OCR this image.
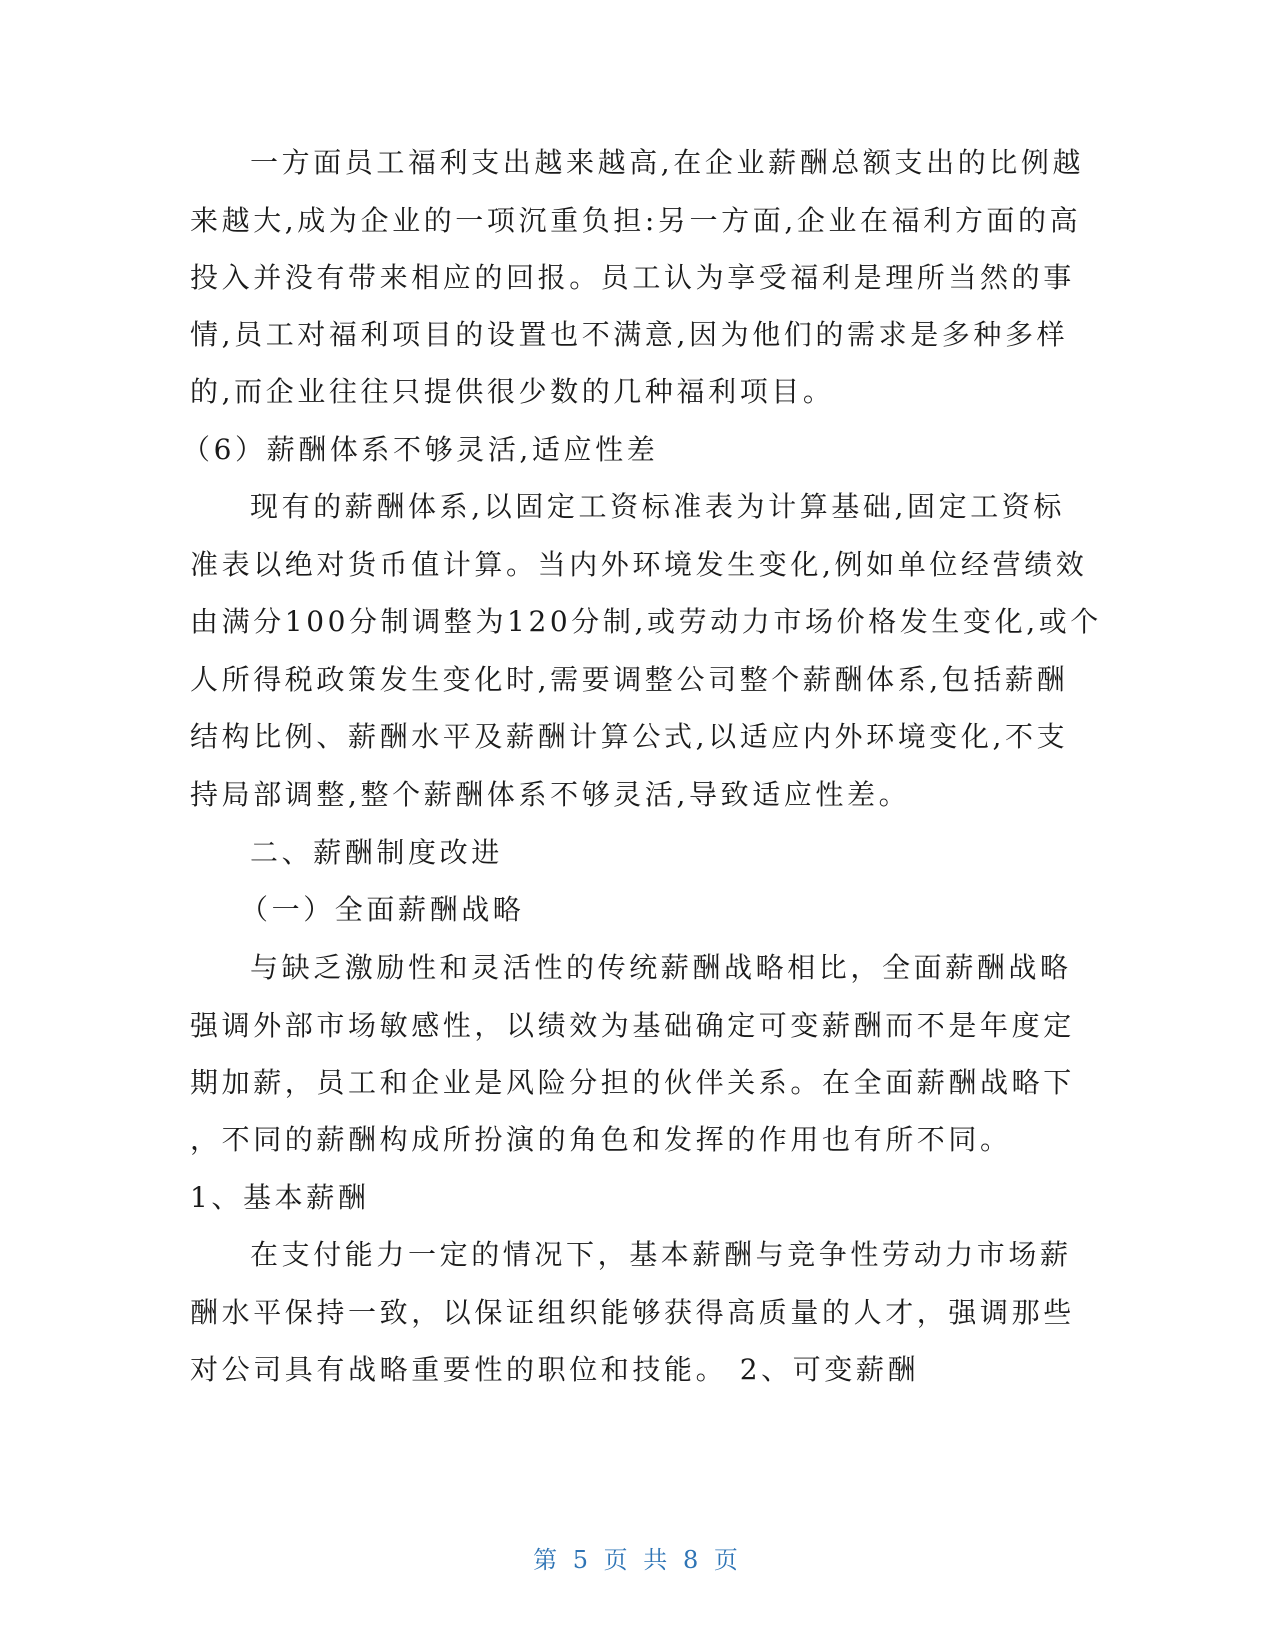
一方面员工福利支出越来越高,在企业薪酬总额支出的比例越
来越大,成为企业的一项沉重负担:另一方面,企业在福利方面的高
投入并没有带来相应的回报。员工认为享受福利是理所当然的事
情,员工对福利项目的设置也不满意,因为他们的需求是多种多样
的,而企业往往只提供很少数的几种福利项目。
（6）薪酬体系不够灵活,适应性差
现有的薪酬体系,以固定工资标准表为计算基础,固定工资标
准表以绝对货币值计算。当内外环境发生变化,例如单位经营绩效
由满分100分制调整为120分制,或劳动力市场价格发生变化,或个
人所得税政策发生变化时,需要调整公司整个薪酬体系,包括薪酬
结构比例、薪酬水平及薪酬计算公式,以适应内外环境变化,不支
持局部调整,整个薪酬体系不够灵活,导致适应性差。
二、薪酬制度改进
（一）全面薪酬战略
与缺乏激励性和灵活性的传统薪酬战略相比，全面薪酬战略
强调外部市场敏感性，以绩效为基础确定可变薪酬而不是年度定
期加薪，员工和企业是风险分担的伙伴关系。在全面薪酬战略下
，不同的薪酬构成所扮演的角色和发挥的作用也有所不同。
1、基本薪酬
在支付能力一定的情况下，基本薪酬与竞争性劳动力市场薪
酬水平保持一致，以保证组织能够获得高质量的人才，强调那些
对公司具有战略重要性的职位和技能。 2、可变薪酬
第 5 页 共 8 页
